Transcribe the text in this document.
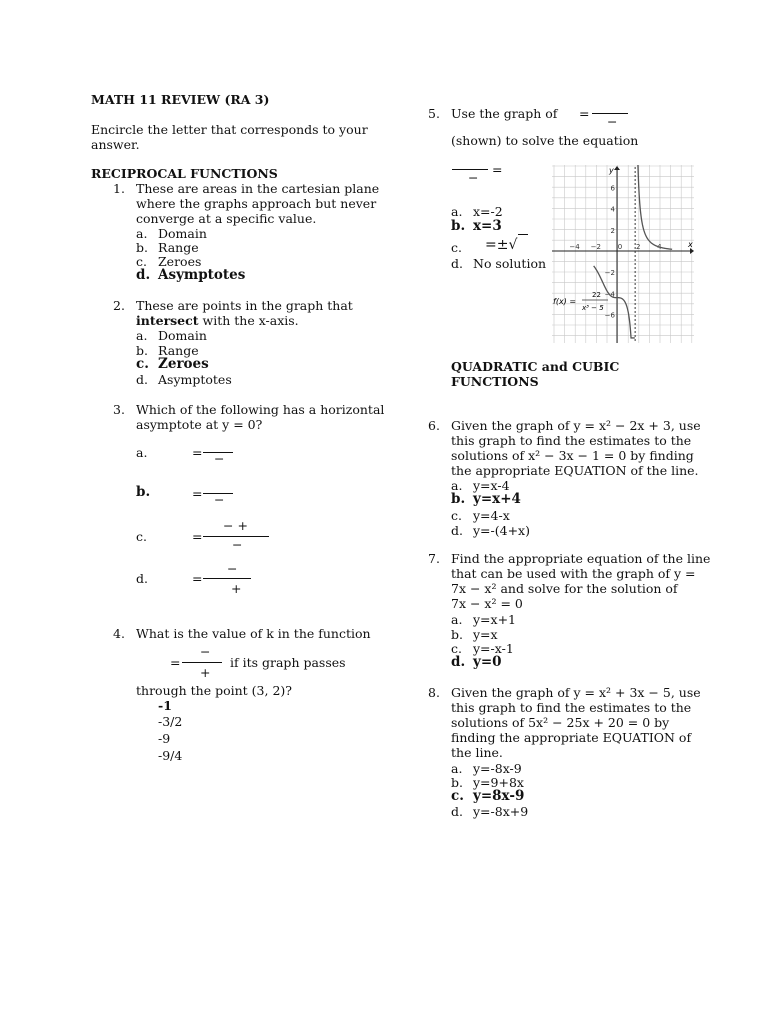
MATH 11 REVIEW (RA 3)
Encircle the letter that corresponds to your
answer.
RECIPROCAL FUNCTIONS
1. These are areas in the cartesian plane
where the graphs approach but never
converge at a specific value.
a. Domain
b. Range
c. Zeroes
d. Asymptotes
2. These are points in the graph that
intersect with the x-axis.
a. Domain
b. Range
c. Zeroes
d. Asymptotes
3. Which of the following has a horizontal
asymptote at y = 0?
a.	= −
b.	= −
c.	=
− +
−
d.	=
−
+
4. What is the value of k in the function
=
−
+
if its graph passes
through the point (3, 2)?
-1
-3/2
-9
-9/4
5. Use the graph of =
−
(shown) to solve the equation
−
=
a. x=-2
b. x=3
c. =±√
d. No solution
6
4
2
−2
−4
−6
−4 −2 0 2 4	x
y
f(x) =
22
x³ − 5
QUADRATIC and CUBIC
FUNCTIONS
6. Given the graph of y = x² − 2x + 3, use
this graph to find the estimates to the
solutions of x² − 3x − 1 = 0 by finding
the appropriate EQUATION of the line.
a. y=x-4
b. y=x+4
c. y=4-x
d. y=-(4+x)
7. Find the appropriate equation of the line
that can be used with the graph of y =
7x − x² and solve for the solution of
7x − x² = 0
a. y=x+1
b. y=x
c. y=-x-1
d. y=0
8. Given the graph of y = x² + 3x − 5, use
this graph to find the estimates to the
solutions of 5x² − 25x + 20 = 0 by
finding the appropriate EQUATION of
the line.
a. y=-8x-9
b. y=9+8x
c. y=8x-9
d. y=-8x+9
